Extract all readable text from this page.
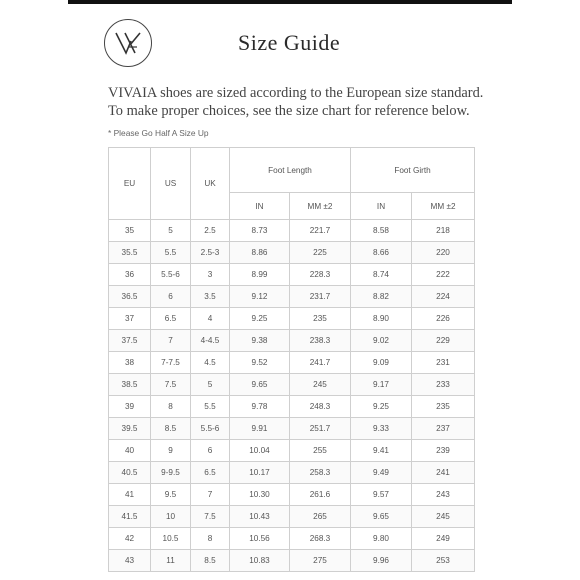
Size Guide
VIVAIA shoes are sized according to the European size standard.
To make proper choices, see the size chart for reference below.
* Please Go Half A Size Up
EU	US	UK	Foot Length		Foot Girth	
			IN	MM ±2	IN	MM ±2
35	5	2.5	8.73	221.7	8.58	218
35.5	5.5	2.5-3	8.86	225	8.66	220
36	5.5-6	3	8.99	228.3	8.74	222
36.5	6	3.5	9.12	231.7	8.82	224
37	6.5	4	9.25	235	8.90	226
37.5	7	4-4.5	9.38	238.3	9.02	229
38	7-7.5	4.5	9.52	241.7	9.09	231
38.5	7.5	5	9.65	245	9.17	233
39	8	5.5	9.78	248.3	9.25	235
39.5	8.5	5.5-6	9.91	251.7	9.33	237
40	9	6	10.04	255	9.41	239
40.5	9-9.5	6.5	10.17	258.3	9.49	241
41	9.5	7	10.30	261.6	9.57	243
41.5	10	7.5	10.43	265	9.65	245
42	10.5	8	10.56	268.3	9.80	249
43	11	8.5	10.83	275	9.96	253
